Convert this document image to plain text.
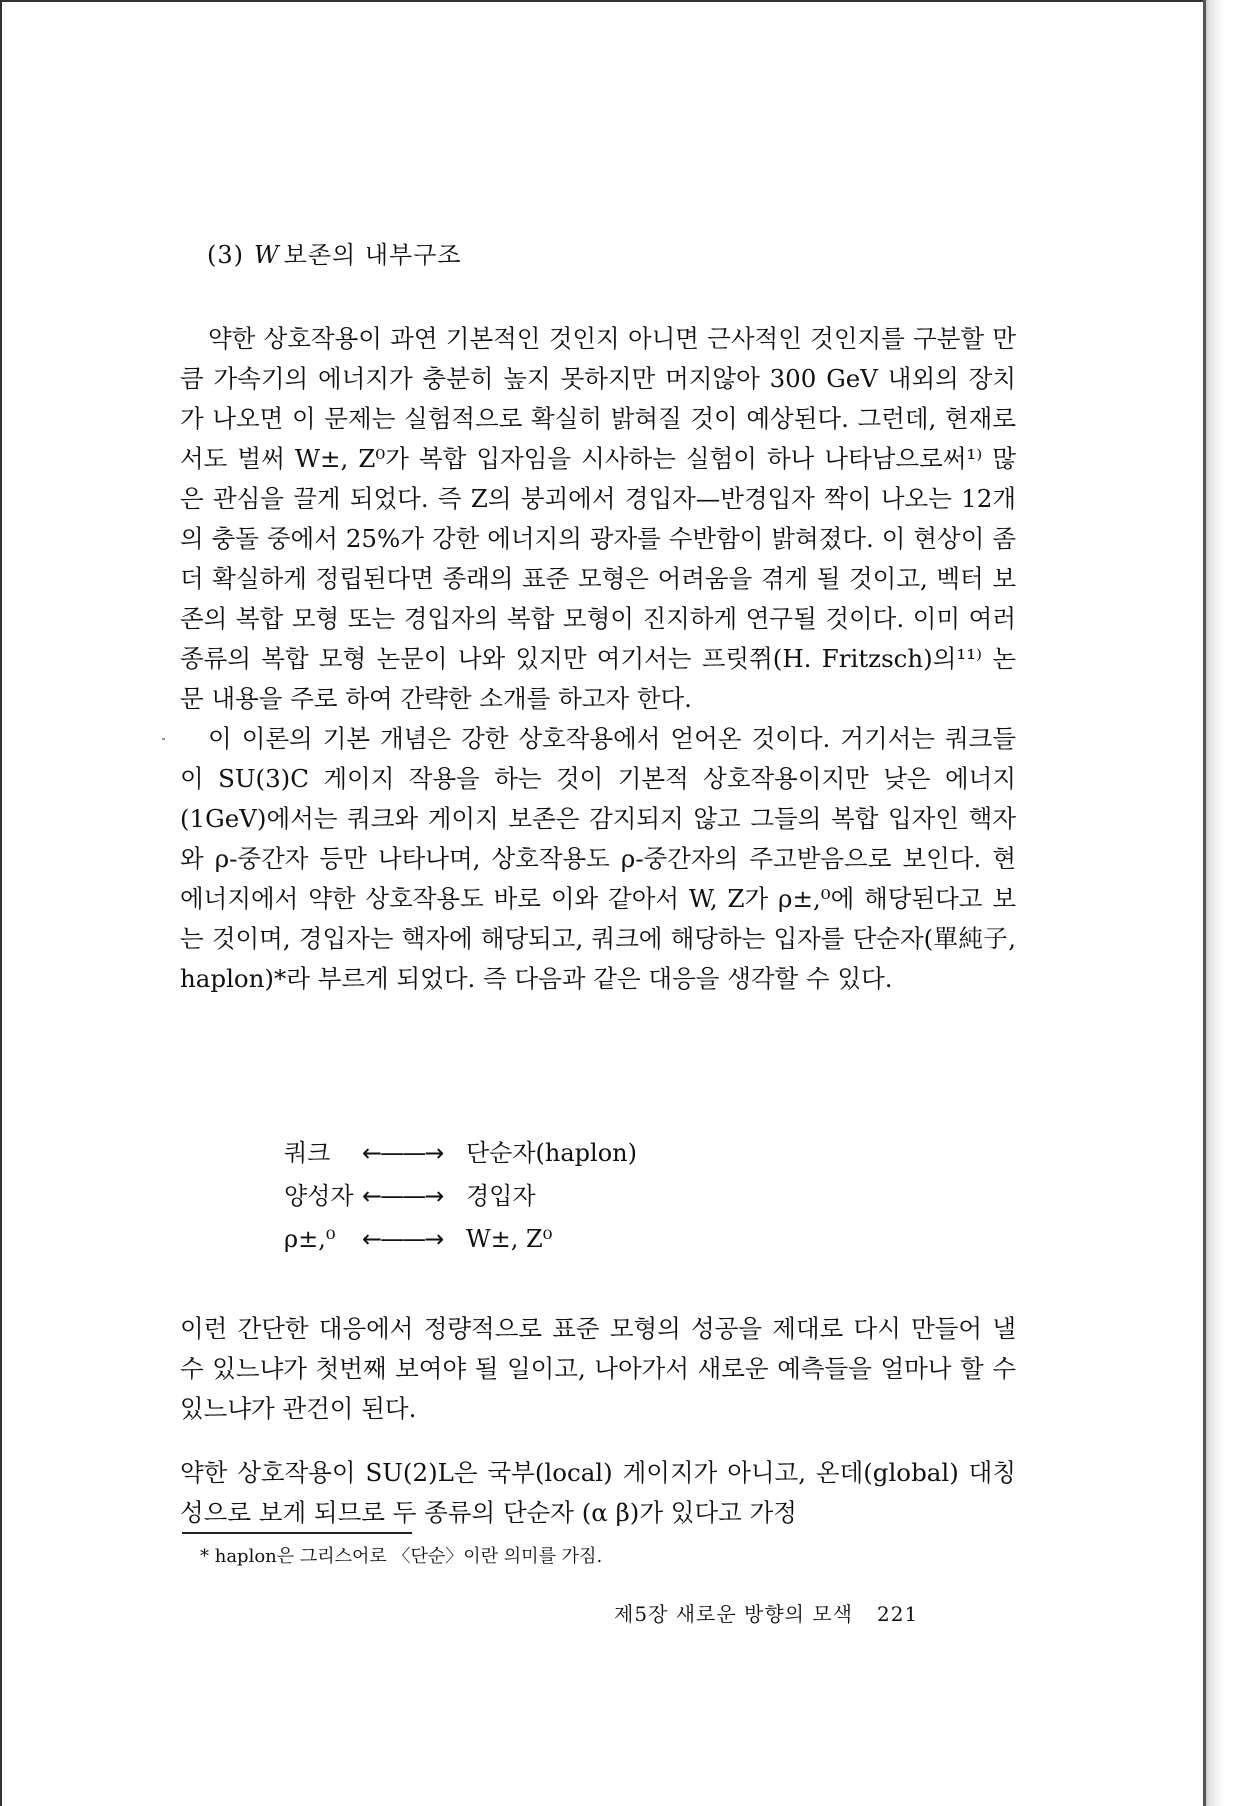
(3) W 보존의 내부구조

약한 상호작용이 과연 기본적인 것인지 아니면 근사적인 것인지를 구분할 만큼 가속기의 에너지가 충분히 높지 못하지만 머지않아 300 GeV 내외의 장치가 나오면 이 문제는 실험적으로 확실히 밝혀질 것이 예상된다. 그런데, 현재로서도 벌써 W±, Z⁰가 복합 입자임을 시사하는 실험이 하나 나타남으로써¹⁾ 많은 관심을 끌게 되었다. 즉 Z의 붕괴에서 경입자—반경입자 짝이 나오는 12개의 충돌 중에서 25%가 강한 에너지의 광자를 수반함이 밝혀졌다. 이 현상이 좀더 확실하게 정립된다면 종래의 표준 모형은 어려움을 겪게 될 것이고, 벡터 보존의 복합 모형 또는 경입자의 복합 모형이 진지하게 연구될 것이다. 이미 여러 종류의 복합 모형 논문이 나와 있지만 여기서는 프릿쮜(H. Fritzsch)의¹¹⁾ 논문 내용을 주로 하여 간략한 소개를 하고자 한다.

이 이론의 기본 개념은 강한 상호작용에서 얻어온 것이다. 거기서는 쿼크들이 SU(3)C 게이지 작용을 하는 것이 기본적 상호작용이지만 낮은 에너지(1GeV)에서는 쿼크와 게이지 보존은 감지되지 않고 그들의 복합 입자인 핵자와 ρ-중간자 등만 나타나며, 상호작용도 ρ-중간자의 주고받음으로 보인다. 현 에너지에서 약한 상호작용도 바로 이와 같아서 W, Z가 ρ±,⁰에 해당된다고 보는 것이며, 경입자는 핵자에 해당되고, 쿼크에 해당하는 입자를 단순자(單純子, haplon)*라 부르게 되었다. 즉 다음과 같은 대응을 생각할 수 있다.

쿼크	←——→ 단순자(haplon)
양성자 ←——→ 경입자
ρ±,⁰	←——→ W±, Z⁰

이런 간단한 대응에서 정량적으로 표준 모형의 성공을 제대로 다시 만들어 낼 수 있느냐가 첫번째 보여야 될 일이고, 나아가서 새로운 예측들을 얼마나 할 수 있느냐가 관건이 된다.

약한 상호작용이 SU(2)L은 국부(local) 게이지가 아니고, 온데(global) 대칭성으로 보게 되므로 두 종류의 단순자 (α β)가 있다고 가정

* haplon은 그리스어로 〈단순〉이란 의미를 가짐.
제5장 새로운 방향의 모색 221
